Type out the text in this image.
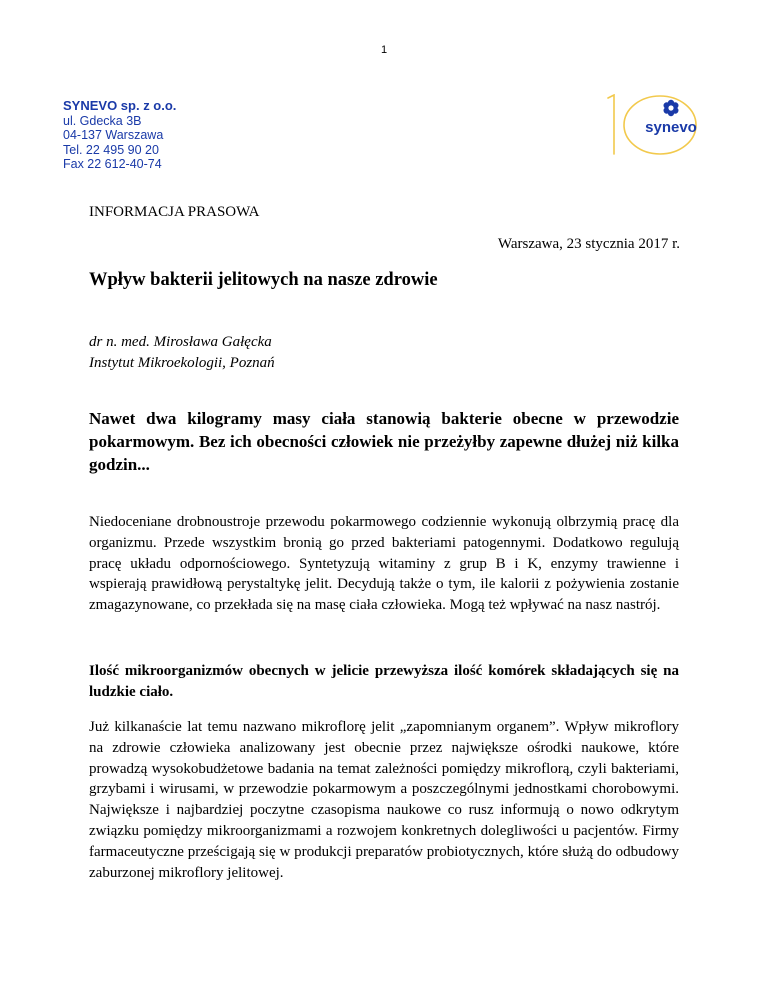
1
SYNEVO sp. z o.o.
ul. Gdecka 3B
04-137 Warszawa
Tel. 22 495 90 20
Fax 22 612-40-74
synevo
INFORMACJA PRASOWA
Warszawa, 23 stycznia 2017 r.
Wpływ bakterii jelitowych na nasze zdrowie
dr n. med. Mirosława Gałęcka
Instytut Mikroekologii, Poznań
Nawet dwa kilogramy masy ciała stanowią bakterie obecne w przewodzie pokarmowym. Bez ich obecności człowiek nie przeżyłby zapewne dłużej niż kilka godzin...
Niedoceniane drobnoustroje przewodu pokarmowego codziennie wykonują olbrzymią pracę dla organizmu. Przede wszystkim bronią go przed bakteriami patogennymi. Dodatkowo regulują pracę układu odpornościowego. Syntetyzują witaminy z grup B i K, enzymy trawienne i wspierają prawidłową perystaltykę jelit. Decydują także o tym, ile kalorii z pożywienia zostanie zmagazynowane, co przekłada się na masę ciała człowieka. Mogą też wpływać na nasz nastrój.
Ilość mikroorganizmów obecnych w jelicie przewyższa ilość komórek składających się na ludzkie ciało.
Już kilkanaście lat temu nazwano mikroflorę jelit „zapomnianym organem”. Wpływ mikroflory na zdrowie człowieka analizowany jest obecnie przez największe ośrodki naukowe, które prowadzą wysokobudżetowe badania na temat zależności pomiędzy mikroflorą, czyli bakteriami, grzybami i wirusami, w przewodzie pokarmowym a poszczególnymi jednostkami chorobowymi. Największe i najbardziej poczytne czasopisma naukowe co rusz informują o nowo odkrytym związku pomiędzy mikroorganizmami a rozwojem konkretnych dolegliwości u pacjentów. Firmy farmaceutyczne prześcigają się w produkcji preparatów probiotycznych, które służą do odbudowy zaburzonej mikroflory jelitowej.
